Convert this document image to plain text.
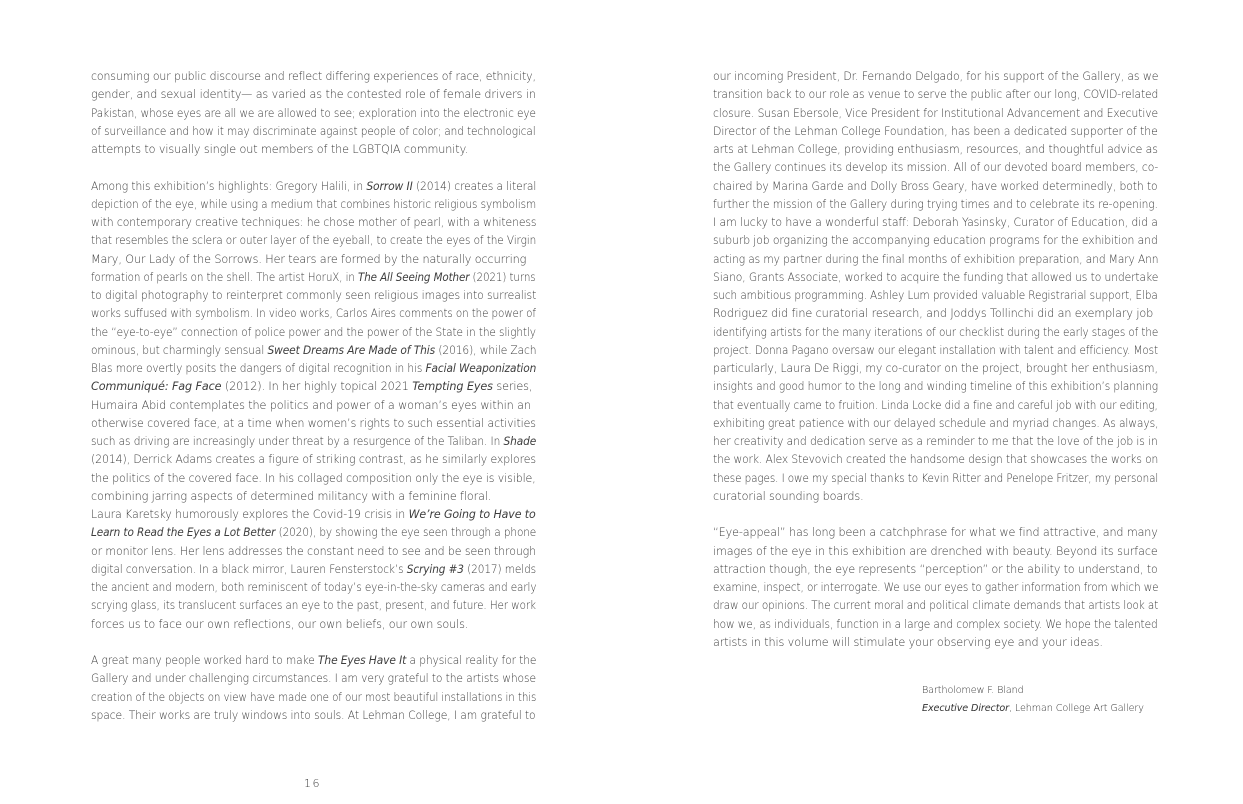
consuming our public discourse and reflect differing experiences of race, ethnicity,
gender, and sexual identity— as varied as the contested role of female drivers in
Pakistan, whose eyes are all we are allowed to see; exploration into the electronic eye
of surveillance and how it may discriminate against people of color; and technological
attempts to visually single out members of the LGBTQIA community.
Among this exhibition’s highlights: Gregory Halili, in Sorrow II (2014) creates a literal
depiction of the eye, while using a medium that combines historic religious symbolism
with contemporary creative techniques: he chose mother of pearl, with a whiteness
that resembles the sclera or outer layer of the eyeball, to create the eyes of the Virgin
Mary, Our Lady of the Sorrows. Her tears are formed by the naturally occurring
formation of pearls on the shell. The artist HoruX, in The All Seeing Mother (2021) turns
to digital photography to reinterpret commonly seen religious images into surrealist
works suffused with symbolism. In video works, Carlos Aires comments on the power of
the “eye-to-eye” connection of police power and the power of the State in the slightly
ominous, but charmingly sensual Sweet Dreams Are Made of This (2016), while Zach
Blas more overtly posits the dangers of digital recognition in his Facial Weaponization
Communiqué: Fag Face (2012). In her highly topical 2021 Tempting Eyes series,
Humaira Abid contemplates the politics and power of a woman’s eyes within an
otherwise covered face, at a time when women’s rights to such essential activities
such as driving are increasingly under threat by a resurgence of the Taliban. In Shade
(2014), Derrick Adams creates a figure of striking contrast, as he similarly explores
the politics of the covered face. In his collaged composition only the eye is visible,
combining jarring aspects of determined militancy with a feminine floral.
Laura Karetsky humorously explores the Covid-19 crisis in We’re Going to Have to
Learn to Read the Eyes a Lot Better (2020), by showing the eye seen through a phone
or monitor lens. Her lens addresses the constant need to see and be seen through
digital conversation. In a black mirror, Lauren Fensterstock’s Scrying #3 (2017) melds
the ancient and modern, both reminiscent of today’s eye-in-the-sky cameras and early
scrying glass, its translucent surfaces an eye to the past, present, and future. Her work
forces us to face our own reflections, our own beliefs, our own souls.
A great many people worked hard to make The Eyes Have It a physical reality for the
Gallery and under challenging circumstances. I am very grateful to the artists whose
creation of the objects on view have made one of our most beautiful installations in this
space. Their works are truly windows into souls. At Lehman College, I am grateful to
our incoming President, Dr. Fernando Delgado, for his support of the Gallery, as we
transition back to our role as venue to serve the public after our long, COVID-related
closure. Susan Ebersole, Vice President for Institutional Advancement and Executive
Director of the Lehman College Foundation, has been a dedicated supporter of the
arts at Lehman College, providing enthusiasm, resources, and thoughtful advice as
the Gallery continues its develop its mission. All of our devoted board members, co-
chaired by Marina Garde and Dolly Bross Geary, have worked determinedly, both to
further the mission of the Gallery during trying times and to celebrate its re-opening.
I am lucky to have a wonderful staff: Deborah Yasinsky, Curator of Education, did a
suburb job organizing the accompanying education programs for the exhibition and
acting as my partner during the final months of exhibition preparation, and Mary Ann
Siano, Grants Associate, worked to acquire the funding that allowed us to undertake
such ambitious programming. Ashley Lum provided valuable Registrarial support, Elba
Rodriguez did fine curatorial research, and Joddys Tollinchi did an exemplary job
identifying artists for the many iterations of our checklist during the early stages of the
project. Donna Pagano oversaw our elegant installation with talent and efficiency. Most
particularly, Laura De Riggi, my co-curator on the project, brought her enthusiasm,
insights and good humor to the long and winding timeline of this exhibition’s planning
that eventually came to fruition. Linda Locke did a fine and careful job with our editing,
exhibiting great patience with our delayed schedule and myriad changes. As always,
her creativity and dedication serve as a reminder to me that the love of the job is in
the work. Alex Stevovich created the handsome design that showcases the works on
these pages. I owe my special thanks to Kevin Ritter and Penelope Fritzer, my personal
curatorial sounding boards.
“Eye-appeal” has long been a catchphrase for what we find attractive, and many
images of the eye in this exhibition are drenched with beauty. Beyond its surface
attraction though, the eye represents “perception” or the ability to understand, to
examine, inspect, or interrogate. We use our eyes to gather information from which we
draw our opinions. The current moral and political climate demands that artists look at
how we, as individuals, function in a large and complex society. We hope the talented
artists in this volume will stimulate your observing eye and your ideas.
Bartholomew F. Bland
Executive Director, Lehman College Art Gallery
16
